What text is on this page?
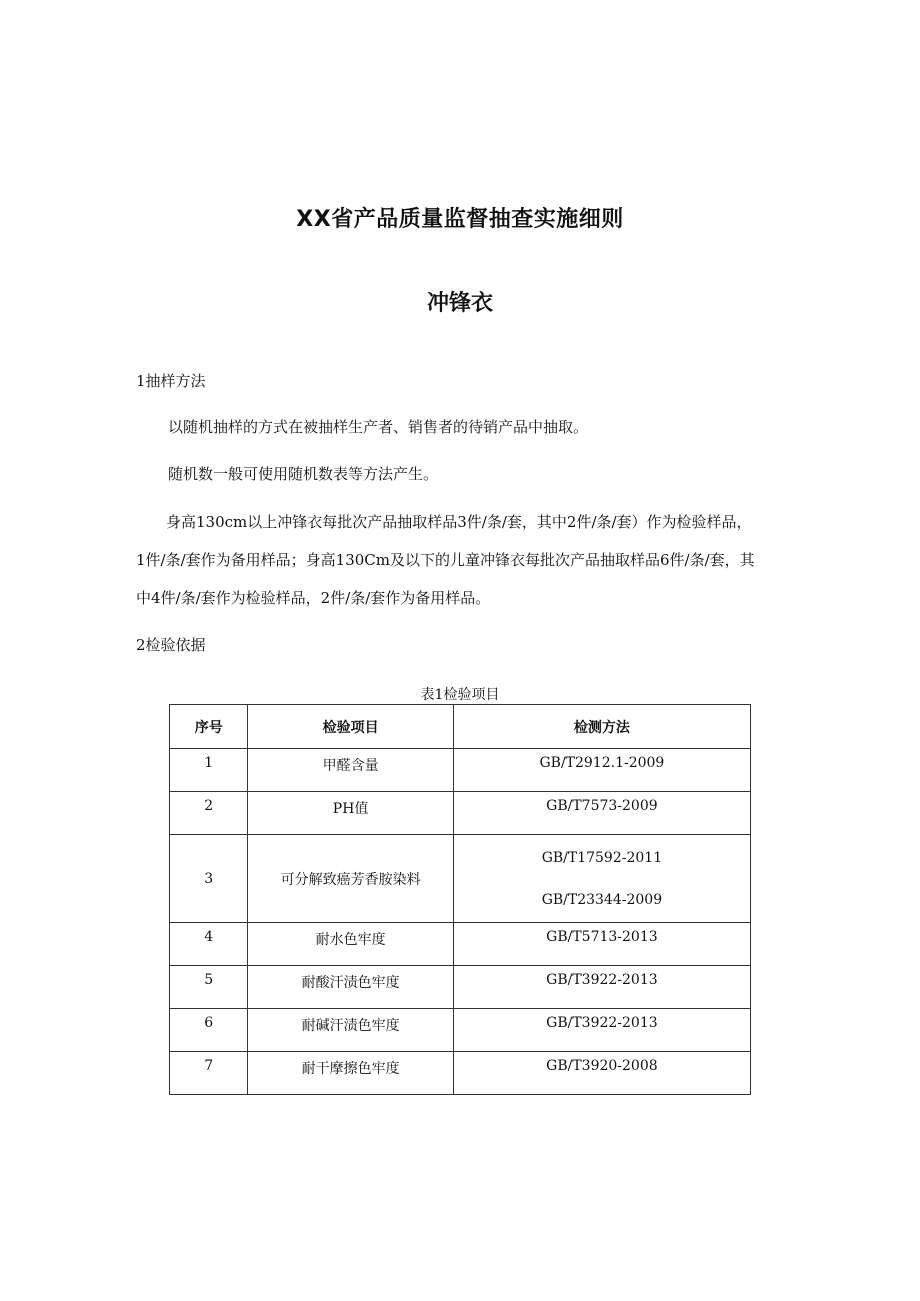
XX省产品质量监督抽查实施细则
冲锋衣
1抽样方法
以随机抽样的方式在被抽样生产者、销售者的待销产品中抽取。
随机数一般可使用随机数表等方法产生。
　　身高130cm以上冲锋衣每批次产品抽取样品3件/条/套，其中2件/条/套）作为检验样品，
1件/条/套作为备用样品；身高130Cm及以下的儿童冲锋衣每批次产品抽取样品6件/条/套，其
中4件/条/套作为检验样品，2件/条/套作为备用样品。
2检验依据
表1检验项目
序号	检验项目	检测方法
1	甲醛含量	GB/T2912.1-2009
2	PH值	GB/T7573-2009
3	可分解致癌芳香胺染料	GB/T17592-2011
GB/T23344-2009

4	耐水色牢度	GB/T5713-2013
5	耐酸汗渍色牢度	GB/T3922-2013
6	耐碱汗渍色牢度	GB/T3922-2013
7	耐干摩擦色牢度	GB/T3920-2008
